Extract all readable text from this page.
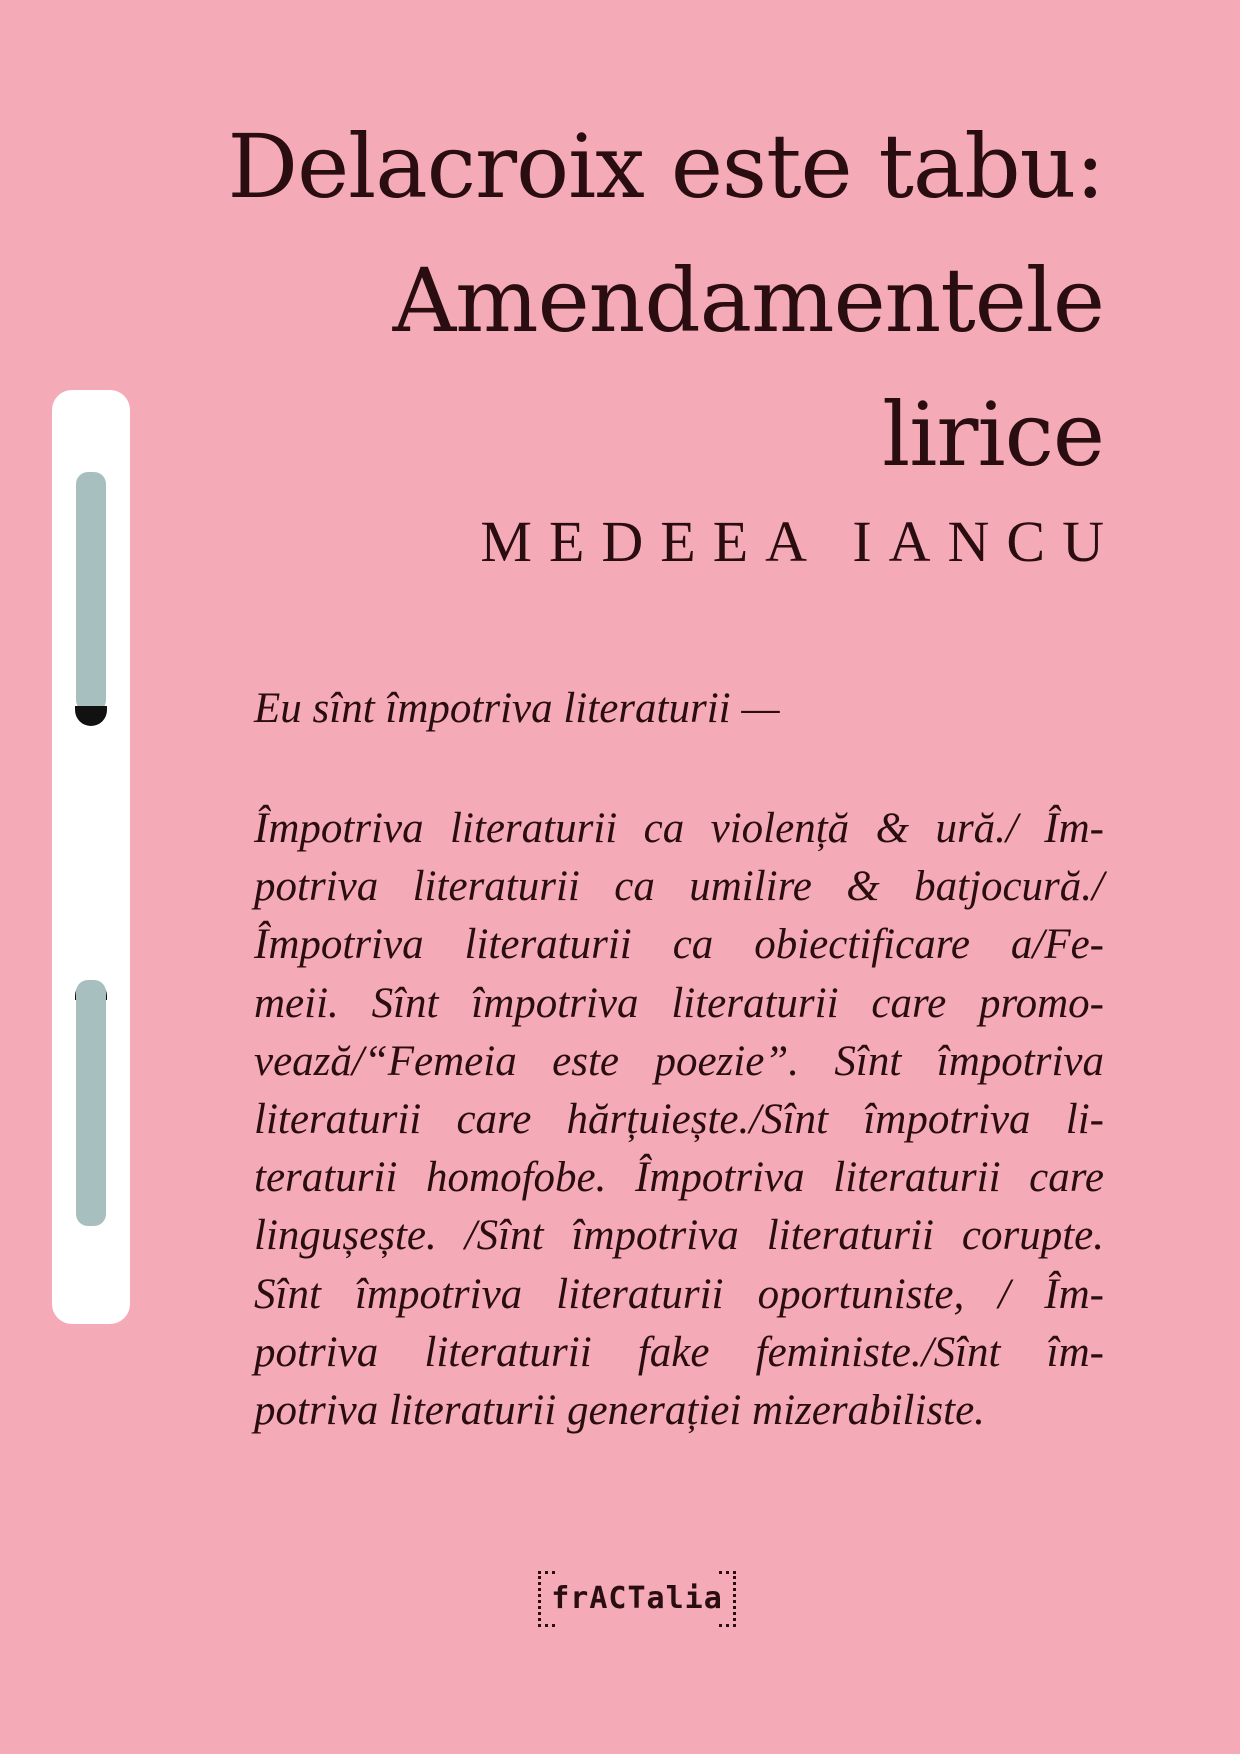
Delacroix este tabu:
Amendamentele
lirice
MEDEEA IANCU

Eu sînt împotriva literaturii —

Împotriva literaturii ca violență & ură./ Îm-
potriva literaturii ca umilire & batjocură./
Împotriva literaturii ca obiectificare a/Fe-
meii. Sînt împotriva literaturii care promo-
vează/“Femeia este poezie”. Sînt împotriva
literaturii care hărțuiește./Sînt împotriva li-
teraturii homofobe. Împotriva literaturii care
lingușește. /Sînt împotriva literaturii corupte.
Sînt împotriva literaturii oportuniste, / Îm-
potriva literaturii fake feministe./Sînt îm-
potriva literaturii generației mizerabiliste.
frACTalia
